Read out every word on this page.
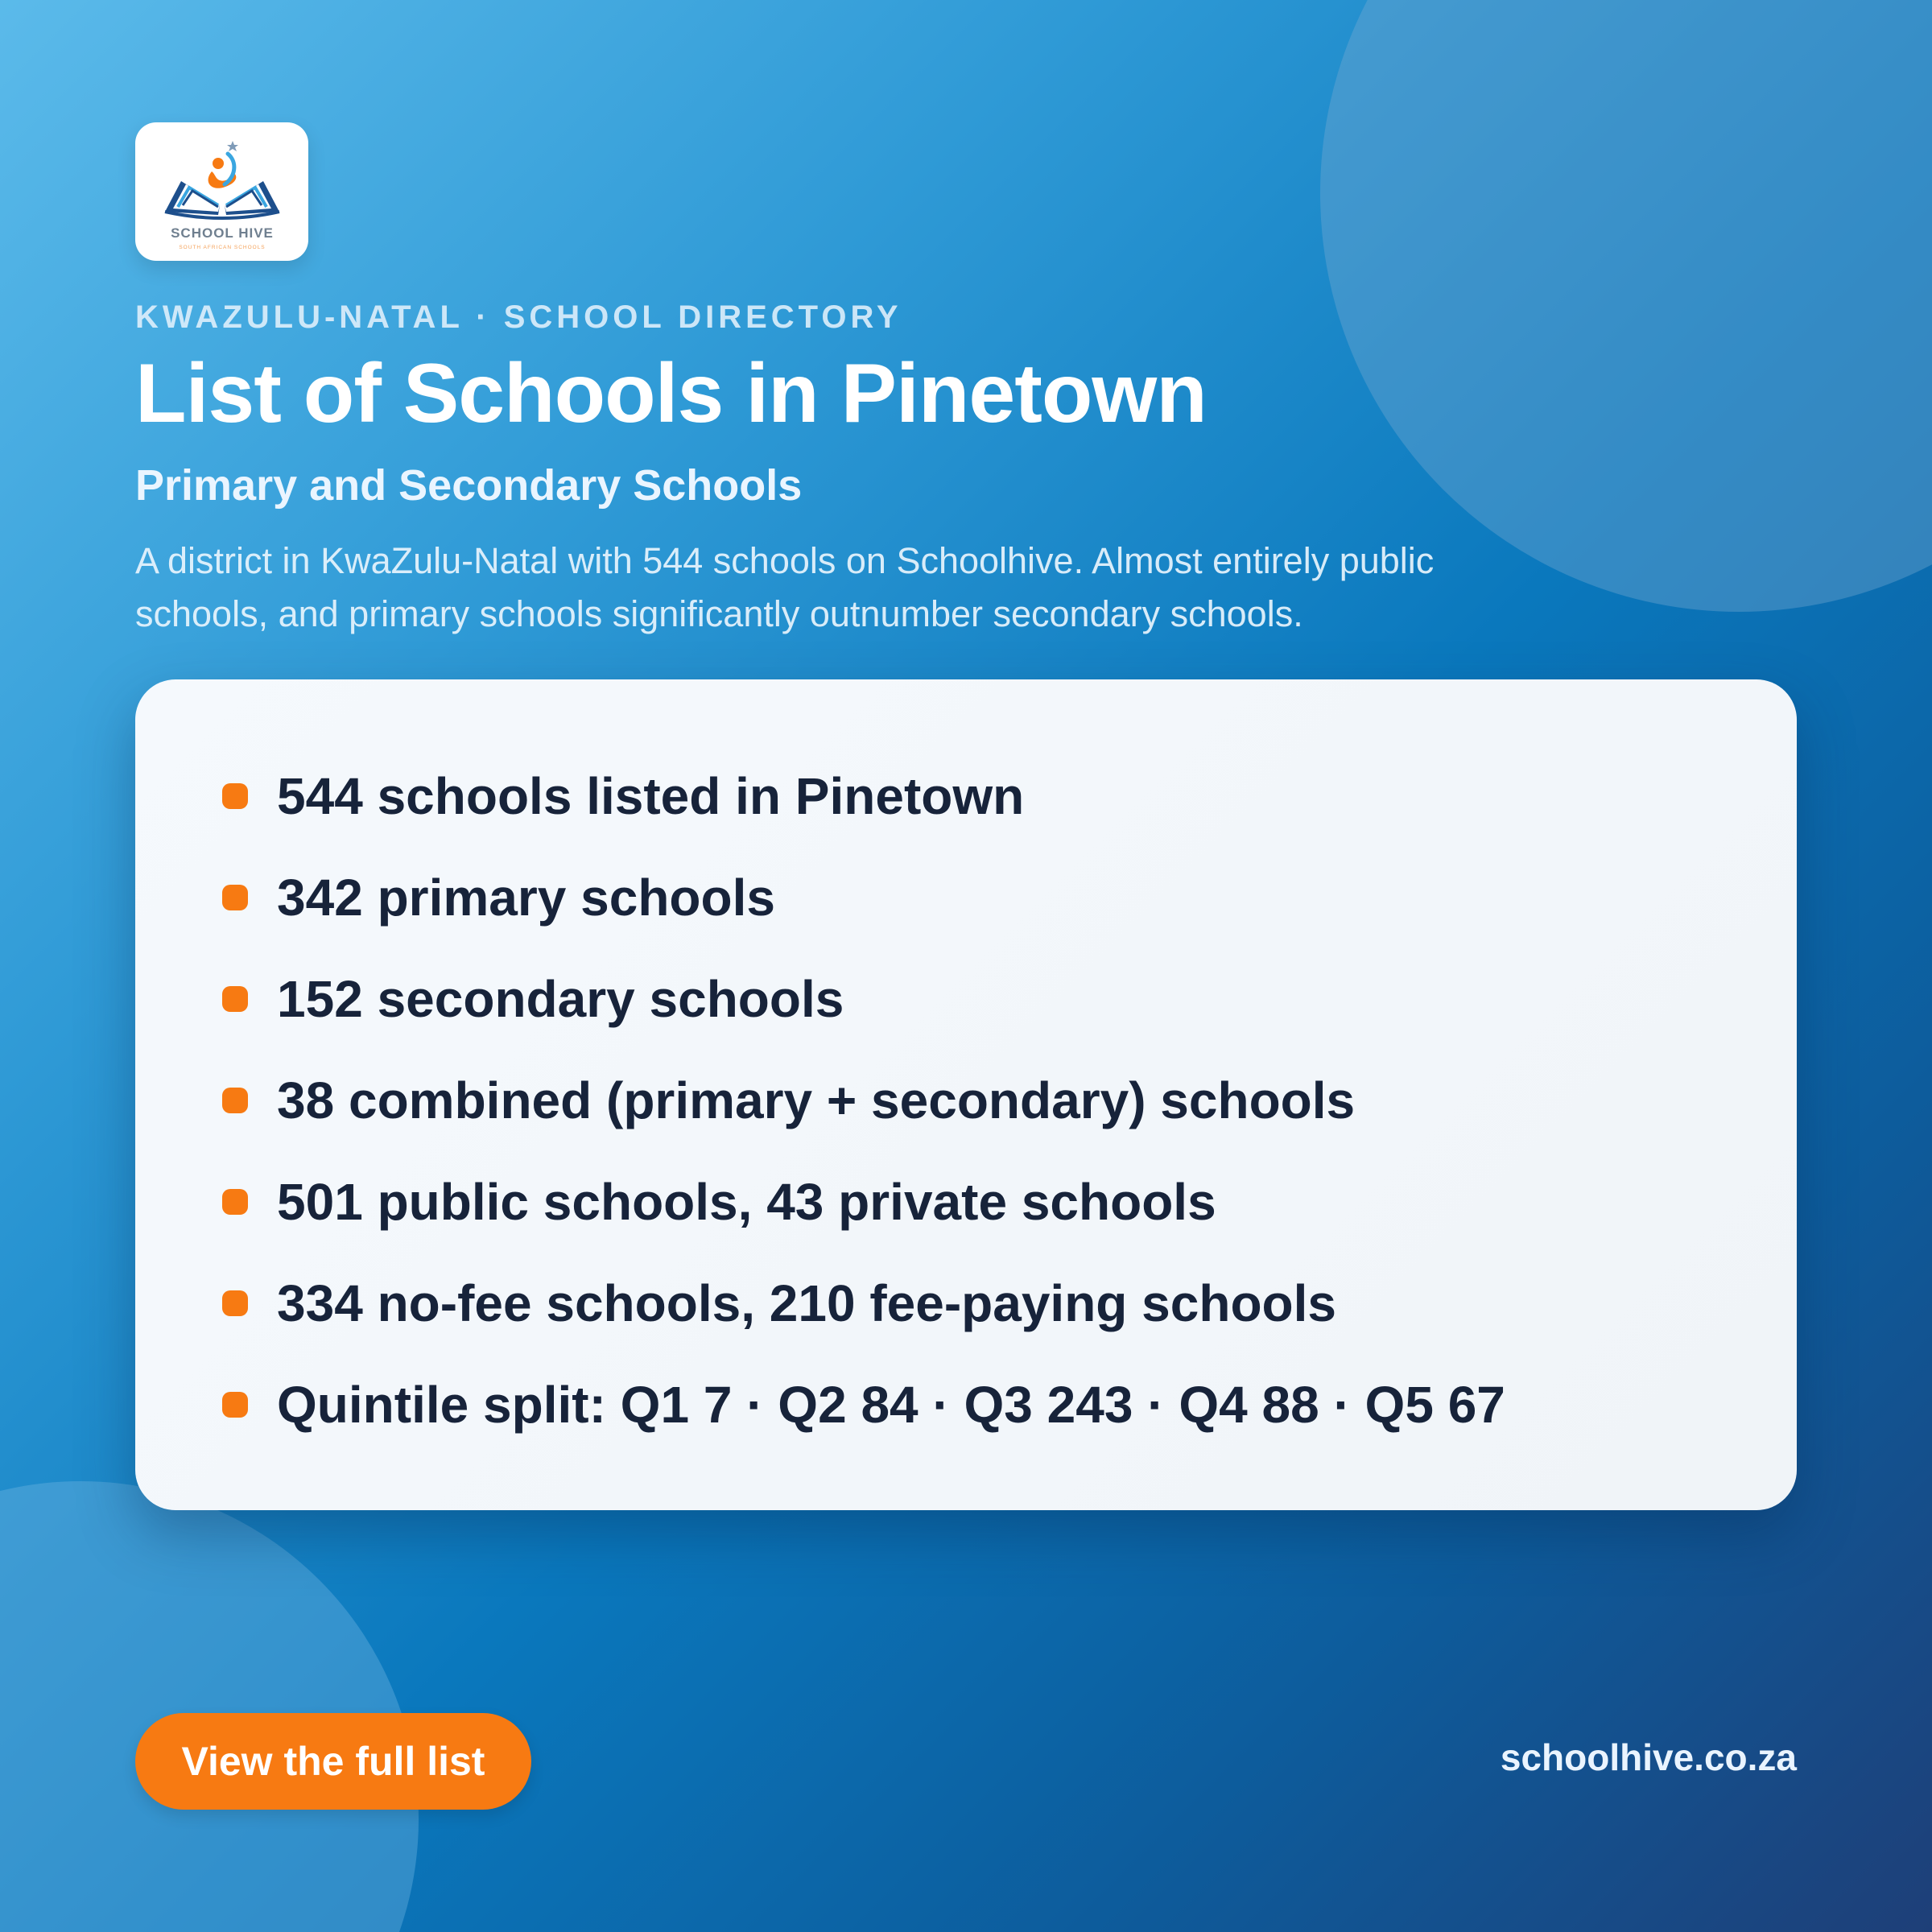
SCHOOL HIVE
SOUTH AFRICAN SCHOOLS
KWAZULU-NATAL · SCHOOL DIRECTORY
List of Schools in Pinetown
Primary and Secondary Schools
A district in KwaZulu-Natal with 544 schools on Schoolhive. Almost entirely public schools, and primary schools significantly outnumber secondary schools.
544 schools listed in Pinetown
342 primary schools
152 secondary schools
38 combined (primary + secondary) schools
501 public schools, 43 private schools
334 no-fee schools, 210 fee-paying schools
Quintile split: Q1 7 · Q2 84 · Q3 243 · Q4 88 · Q5 67
View the full list	schoolhive.co.za
